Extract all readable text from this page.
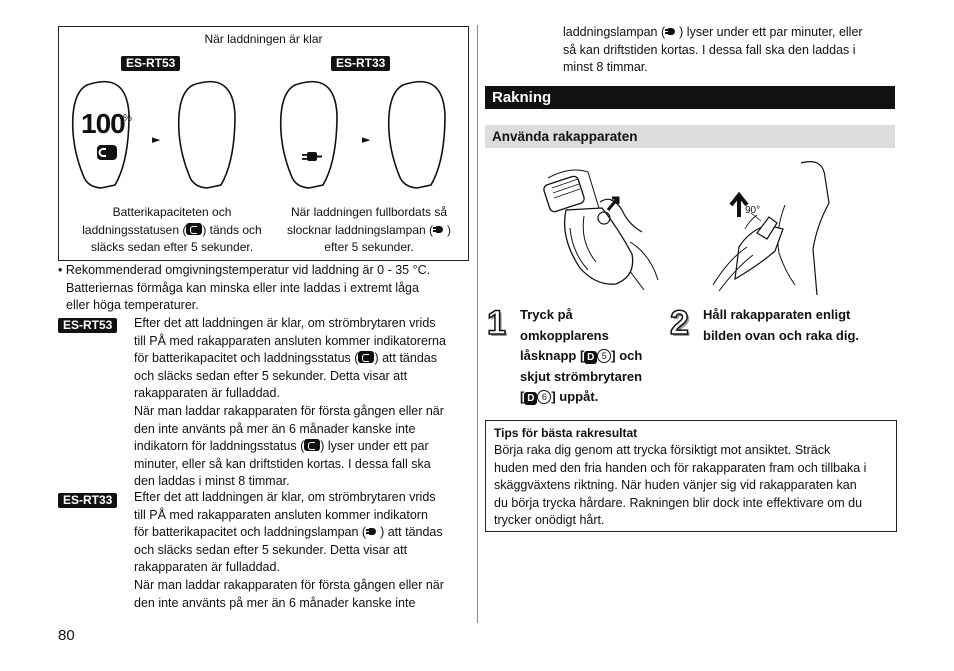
När laddningen är klar
ES-RT53	ES-RT33
100
%
►	►
Batterikapaciteten och
laddningsstatusen ( ) tänds och
släcks sedan efter 5 sekunder.
När laddningen fullbordats så
slocknar laddningslampan ( )
efter 5 sekunder.
• Rekommenderad omgivningstemperatur vid laddning är 0 - 35 °C.
Batteriernas förmåga kan minska eller inte laddas i extremt låga
eller höga temperaturer.
ES-RT53	Efter det att laddningen är klar, om strömbrytaren vrids
till PÅ med rakapparaten ansluten kommer indikatorerna
för batterikapacitet och laddningsstatus ( ) att tändas
och släcks sedan efter 5 sekunder. Detta visar att
rakapparaten är fulladdad.
När man laddar rakapparaten för första gången eller när
den inte använts på mer än 6 månader kanske inte
indikatorn för laddningsstatus ( ) lyser under ett par
minuter, eller så kan driftstiden kortas. I dessa fall ska
den laddas i minst 8 timmar.
ES-RT33	Efter det att laddningen är klar, om strömbrytaren vrids
till PÅ med rakapparaten ansluten kommer indikatorn
för batterikapacitet och laddningslampan ( ) att tändas
och släcks sedan efter 5 sekunder. Detta visar att
rakapparaten är fulladdad.
När man laddar rakapparaten för första gången eller när
den inte använts på mer än 6 månader kanske inte
80
laddningslampan ( ) lyser under ett par minuter, eller
så kan driftstiden kortas. I dessa fall ska den laddas i
minst 8 timmar.
Rakning
Använda rakapparaten
90°
1 Tryck på
omkopplarens
låsknapp [ D 5 ] och
skjut strömbrytaren
[ D 6 ] uppåt.
2 Håll rakapparaten enligt
bilden ovan och raka dig.
Tips för bästa rakresultat
Börja raka dig genom att trycka försiktigt mot ansiktet. Sträck
huden med den fria handen och för rakapparaten fram och tillbaka i
skäggväxtens riktning. När huden vänjer sig vid rakapparaten kan
du börja trycka hårdare. Rakningen blir dock inte effektivare om du
trycker onödigt hårt.
